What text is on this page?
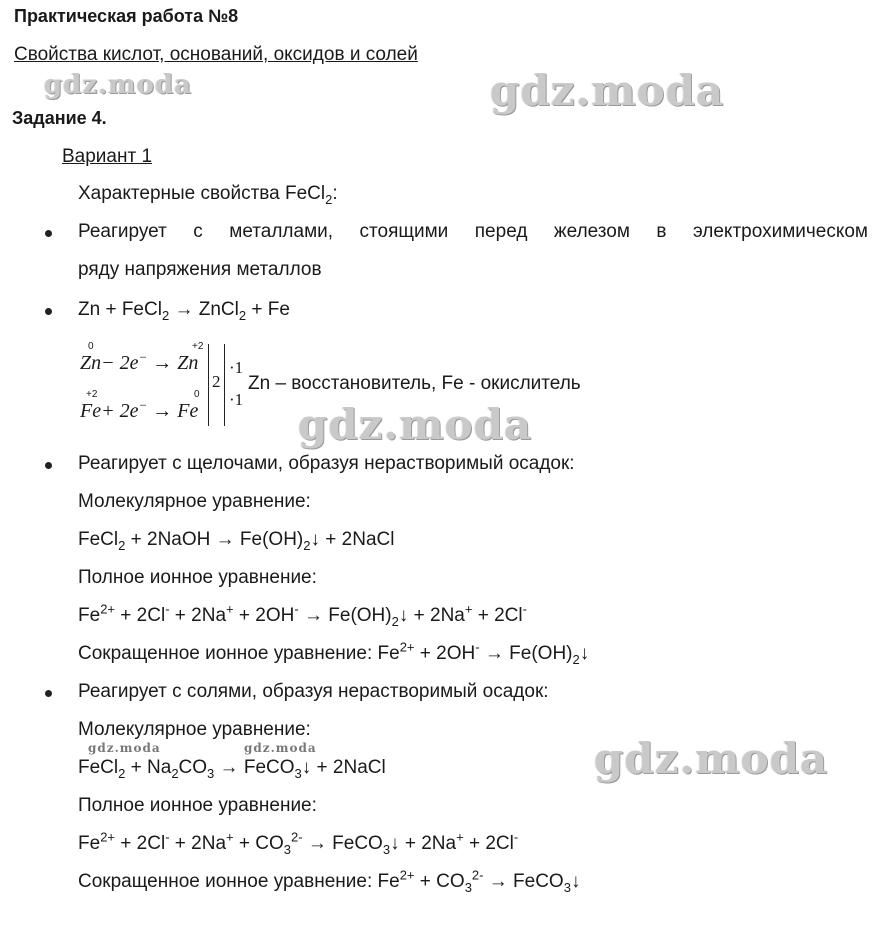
Практическая работа №8
Свойства кислот, оснований, оксидов и солей
Задание 4.
Вариант 1
gdz.moda	gdz.moda
gdz.moda
gdz.moda
gdz.moda	gdz.moda
Характерные свойства FeCl$_2$:
Реагирует с металлами, стоящими перед железом в электрохимическом
ряду напряжения металлов
Zn + FeCl$_2$ → ZnCl$_2$ + Fe
Zn− 2e− → Zn
0	+2
Fe+ 2e− → Fe
+2	0
2
·1
·1
Zn – восстановитель, Fe - окислитель
Реагирует с щелочами, образуя нерастворимый осадок:
Молекулярное уравнение:
FeCl$_2$ + 2NaOH → $Fe(OH)_2↓$ + 2NaCl
Полное ионное уравнение:
$Fe^{2+} + 2Cl^- + 2Na^+ + 2OH^-$ → $Fe(OH)_2↓ + 2Na^+ + 2Cl^-$
Сокращенное ионное уравнение: $Fe^{2+} + 2OH^-$ → $Fe(OH)_2↓$
Реагирует с солями, образуя нерастворимый осадок:
Молекулярное уравнение:
FeCl$_2$ + $Na_2CO_3$ → FeCO$_3$↓ + 2NaCl
Полное ионное уравнение:
$Fe^{2+} + 2Cl^- + 2Na^+ + CO_3^{2-}$ → FeCO$_3$↓ + 2Na+ + 2Cl-
Сокращенное ионное уравнение: $Fe^{2+} + CO_3^{2-}$ → FeCO$_3$↓
